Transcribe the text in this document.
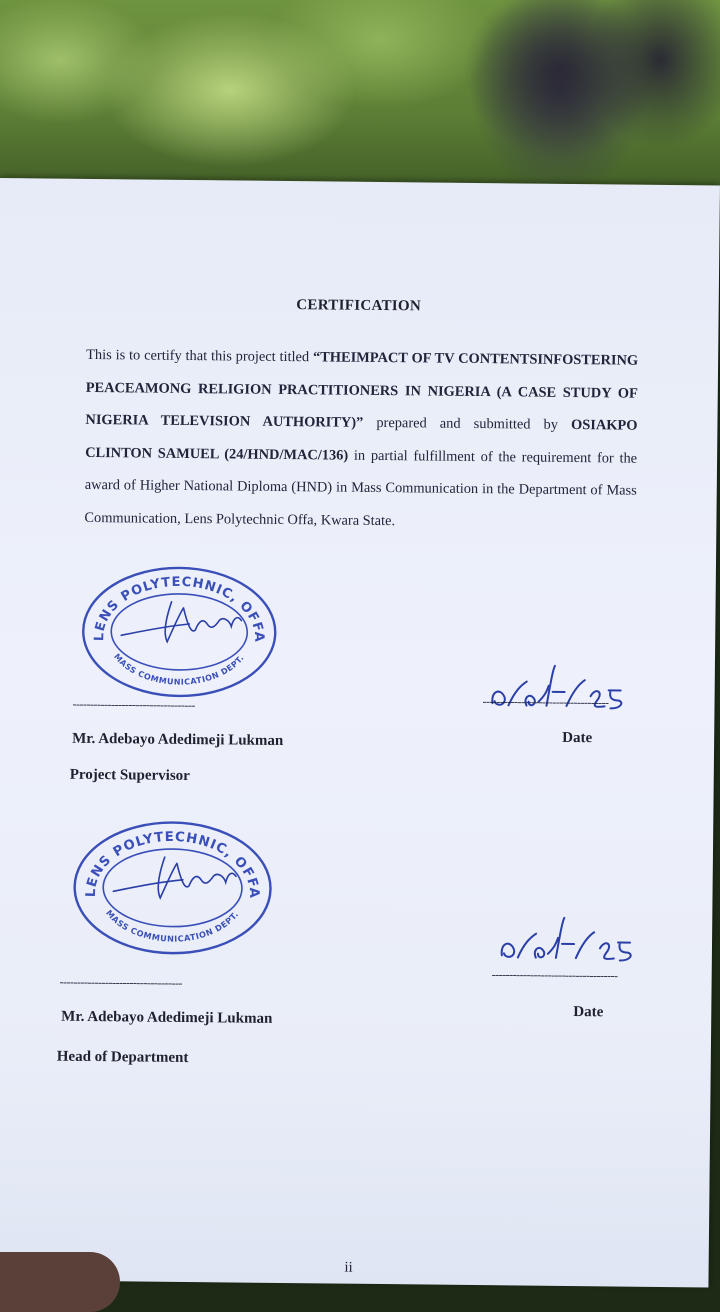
CERTIFICATION
This is to certify that this project titled “THEIMPACT OF TV CONTENTSINFOSTERING PEACEAMONG RELIGION PRACTITIONERS IN NIGERIA (A CASE STUDY OF NIGERIA TELEVISION AUTHORITY)” prepared and submitted by OSIAKPO CLINTON SAMUEL (24/HND/MAC/136) in partial fulfillment of the requirement for the award of Higher National Diploma (HND) in Mass Communication in the Department of Mass Communication, Lens Polytechnic Offa, Kwara State.
LENS POLYTECHNIC, OFFA
MASS COMMUNICATION DEPT.
-----------------------------------	------------------------------------
Mr. Adebayo Adedimeji Lukman	Date
Project Supervisor
LENS POLYTECHNIC, OFFA
MASS COMMUNICATION DEPT.
-----------------------------------	------------------------------------
Mr. Adebayo Adedimeji Lukman	Date
Head of Department
ii
